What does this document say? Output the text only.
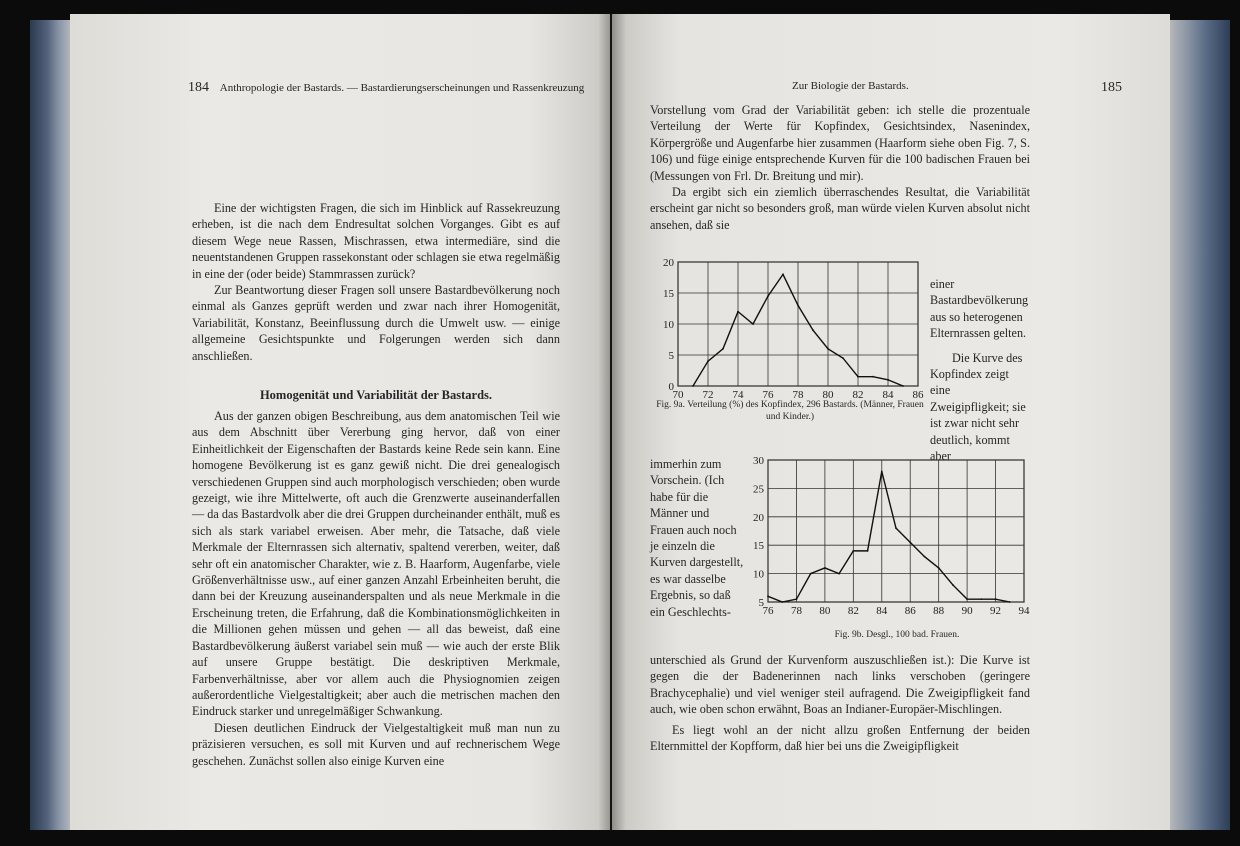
184 Anthropologie der Bastards. — Bastardierungserscheinungen und Rassenkreuzung

Eine der wichtigsten Fragen, die sich im Hinblick auf Rassekreuzung erheben, ist die nach dem Endresultat solchen Vorganges. Gibt es auf diesem Wege neue Rassen, Mischrassen, etwa intermediäre, sind die neuentstandenen Gruppen rassekonstant oder schlagen sie etwa regelmäßig in eine der (oder beide) Stammrassen zurück?

Zur Beantwortung dieser Fragen soll unsere Bastardbevölkerung noch einmal als Ganzes geprüft werden und zwar nach ihrer Homogenität, Variabilität, Konstanz, Beeinflussung durch die Umwelt usw. — einige allgemeine Gesichtspunkte und Folgerungen werden sich dann anschließen.

Homogenität und Variabilität der Bastards.

Aus der ganzen obigen Beschreibung, aus dem anatomischen Teil wie aus dem Abschnitt über Vererbung ging hervor, daß von einer Einheitlichkeit der Eigenschaften der Bastards keine Rede sein kann. Eine homogene Bevölkerung ist es ganz gewiß nicht. Die drei genealogisch verschiedenen Gruppen sind auch morphologisch verschieden; oben wurde gezeigt, wie ihre Mittelwerte, oft auch die Grenzwerte auseinanderfallen — da das Bastardvolk aber die drei Gruppen durcheinander enthält, muß es sich als stark variabel erweisen. Aber mehr, die Tatsache, daß viele Merkmale der Elternrassen sich alternativ, spaltend vererben, weiter, daß sehr oft ein anatomischer Charakter, wie z. B. Haarform, Augenfarbe, viele Größenverhältnisse usw., auf einer ganzen Anzahl Erbeinheiten beruht, die dann bei der Kreuzung auseinanderspalten und als neue Merkmale in die Erscheinung treten, die Erfahrung, daß die Kombinationsmöglichkeiten in die Millionen gehen müssen und gehen — all das beweist, daß eine Bastardbevölkerung äußerst variabel sein muß — wie auch der erste Blik auf unsere Gruppe bestätigt. Die deskriptiven Merkmale, Farbenverhältnisse, aber vor allem auch die Physiognomien zeigen außerordentliche Vielgestaltigkeit; aber auch die metrischen machen den Eindruck starker und unregelmäßiger Schwankung.

Diesen deutlichen Eindruck der Vielgestaltigkeit muß man nun zu präzisieren versuchen, es soll mit Kurven und auf rechnerischem Wege geschehen. Zunächst sollen also einige Kurven eine

Zur Biologie der Bastards.	185

Vorstellung vom Grad der Variabilität geben: ich stelle die prozentuale Verteilung der Werte für Kopfindex, Gesichtsindex, Nasenindex, Körpergröße und Augenfarbe hier zusammen (Haarform siehe oben Fig. 7, S. 106) und füge einige entsprechende Kurven für die 100 badischen Frauen bei (Messungen von Frl. Dr. Breitung und mir).

Da ergibt sich ein ziemlich überraschendes Resultat, die Variabilität erscheint gar nicht so besonders groß, man würde vielen Kurven absolut nicht ansehen, daß sie

70 72 74 76 78 80 82 84 86
0
5
10
15
20
Fig. 9a. Verteilung (%) des Kopfindex, 296 Bastards. (Männer, Frauen und Kinder.)

einer Bastardbevölkerung aus so heterogenen Elternrassen gelten.

Die Kurve des Kopfindex zeigt eine Zweigipfligkeit; sie ist zwar nicht sehr deutlich, kommt aber

immerhin zum Vorschein. (Ich habe für die Männer und Frauen auch noch je einzeln die Kurven dargestellt, es war dasselbe Ergebnis, so daß ein Geschlechts-	76 78 80 82 84 86 88 90 92 94
5
10
15
20
25
30
Fig. 9b. Desgl., 100 bad. Frauen.

unterschied als Grund der Kurvenform auszuschließen ist.): Die Kurve ist gegen die der Badenerinnen nach links verschoben (geringere Brachycephalie) und viel weniger steil aufragend. Die Zweigipfligkeit fand auch, wie oben schon erwähnt, Boas an Indianer-Europäer-Mischlingen.

Es liegt wohl an der nicht allzu großen Entfernung der beiden Elternmittel der Kopfform, daß hier bei uns die Zweigipfligkeit
